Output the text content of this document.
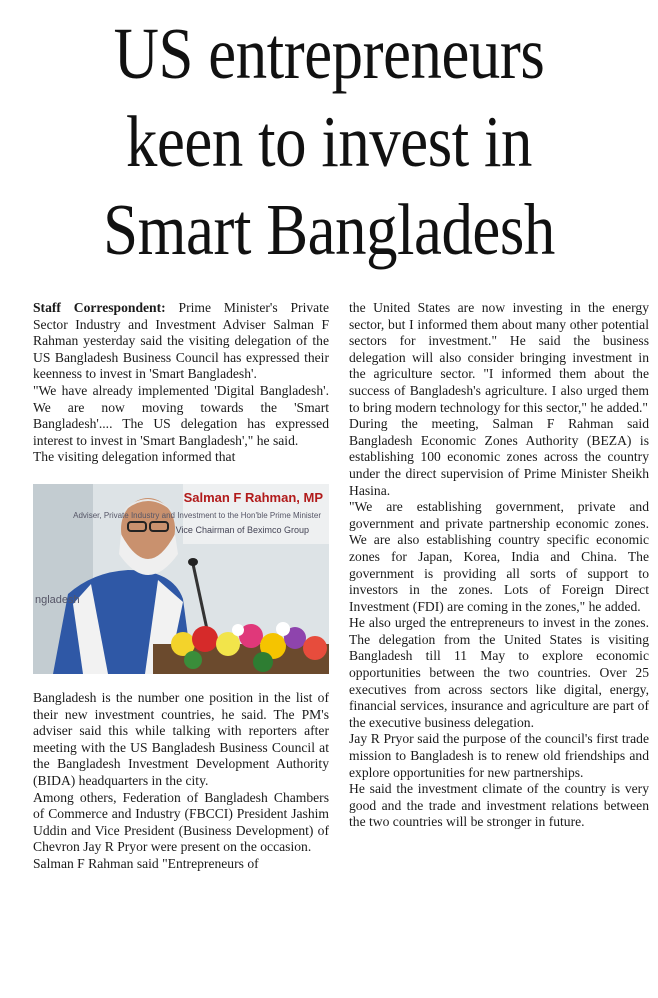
US entrepreneurs
keen to invest in
Smart Bangladesh

Staff Correspondent: Prime Minister's Private Sector Industry and Investment Adviser Salman F Rahman yesterday said the visiting delegation of the US Bangladesh Business Council has expressed their keenness to invest in 'Smart Bangladesh'.

"We have already implemented 'Digital Bangladesh'. We are now moving towards the 'Smart Bangladesh'.... The US delegation has expressed interest to invest in 'Smart Bangladesh'," he said.

The visiting delegation informed that

Salman F Rahman, MP
Adviser, Private Industry and Investment to the Hon'ble Prime Minister
Vice Chairman of Beximco Group
ngladesh

Bangladesh is the number one position in the list of their new investment countries, he said. The PM's adviser said this while talking with reporters after meeting with the US Bangladesh Business Council at the Bangladesh Investment Development Authority (BIDA) headquarters in the city.

Among others, Federation of Bangladesh Chambers of Commerce and Industry (FBCCI) President Jashim Uddin and Vice President (Business Development) of Chevron Jay R Pryor were present on the occasion.

Salman F Rahman said "Entrepreneurs of

the United States are now investing in the energy sector, but I informed them about many other potential sectors for investment." He said the business delegation will also consider bringing investment in the agriculture sector. "I informed them about the success of Bangladesh's agriculture. I also urged them to bring modern technology for this sector," he added."

During the meeting, Salman F Rahman said Bangladesh Economic Zones Authority (BEZA) is establishing 100 economic zones across the country under the direct supervision of Prime Minister Sheikh Hasina.

"We are establishing government, private and government and private partnership economic zones. We are also establishing country specific economic zones for Japan, Korea, India and China. The government is providing all sorts of support to investors in the zones. Lots of Foreign Direct Investment (FDI) are coming in the zones," he added.

He also urged the entrepreneurs to invest in the zones. The delegation from the United States is visiting Bangladesh till 11 May to explore economic opportunities between the two countries. Over 25 executives from across sectors like digital, energy, financial services, insurance and agriculture are part of the executive business delegation.

Jay R Pryor said the purpose of the council's first trade mission to Bangladesh is to renew old friendships and explore opportunities for new partnerships.

He said the investment climate of the country is very good and the trade and investment relations between the two countries will be stronger in future.
